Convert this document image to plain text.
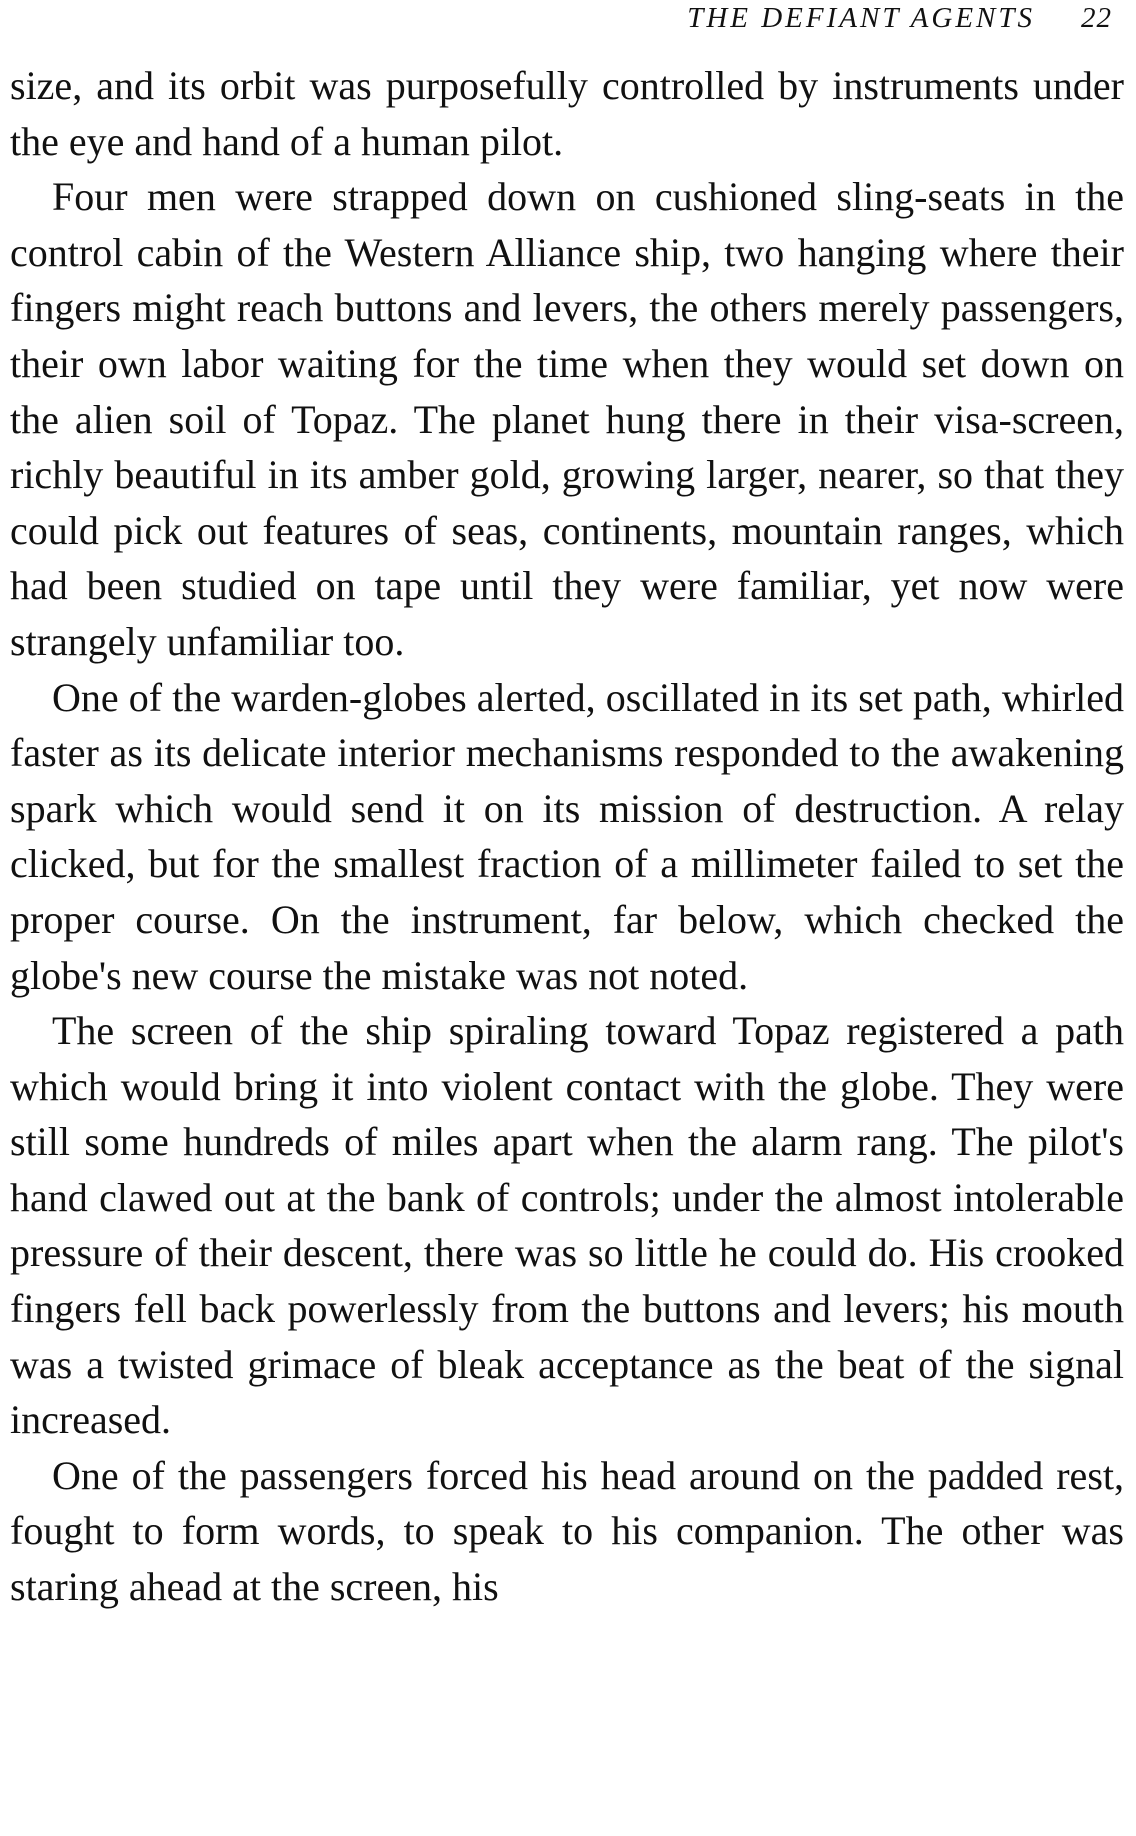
THE DEFIANT AGENTS 22

size, and its orbit was purposefully controlled by instruments under the eye and hand of a human pilot.

Four men were strapped down on cushioned sling-seats in the control cabin of the Western Alliance ship, two hanging where their fingers might reach buttons and levers, the others merely passengers, their own labor waiting for the time when they would set down on the alien soil of Topaz. The planet hung there in their visa-screen, richly beautiful in its amber gold, growing larger, nearer, so that they could pick out features of seas, continents, mountain ranges, which had been studied on tape until they were familiar, yet now were strangely unfamiliar too.

One of the warden-globes alerted, oscillated in its set path, whirled faster as its delicate interior mechanisms responded to the awakening spark which would send it on its mission of destruction. A relay clicked, but for the smallest fraction of a millimeter failed to set the proper course. On the instrument, far below, which checked the globe's new course the mistake was not noted.

The screen of the ship spiraling toward Topaz registered a path which would bring it into violent contact with the globe. They were still some hundreds of miles apart when the alarm rang. The pilot's hand clawed out at the bank of controls; under the almost intolerable pressure of their descent, there was so little he could do. His crooked fingers fell back powerlessly from the buttons and levers; his mouth was a twisted grimace of bleak acceptance as the beat of the signal increased.

One of the passengers forced his head around on the padded rest, fought to form words, to speak to his companion. The other was staring ahead at the screen, his
